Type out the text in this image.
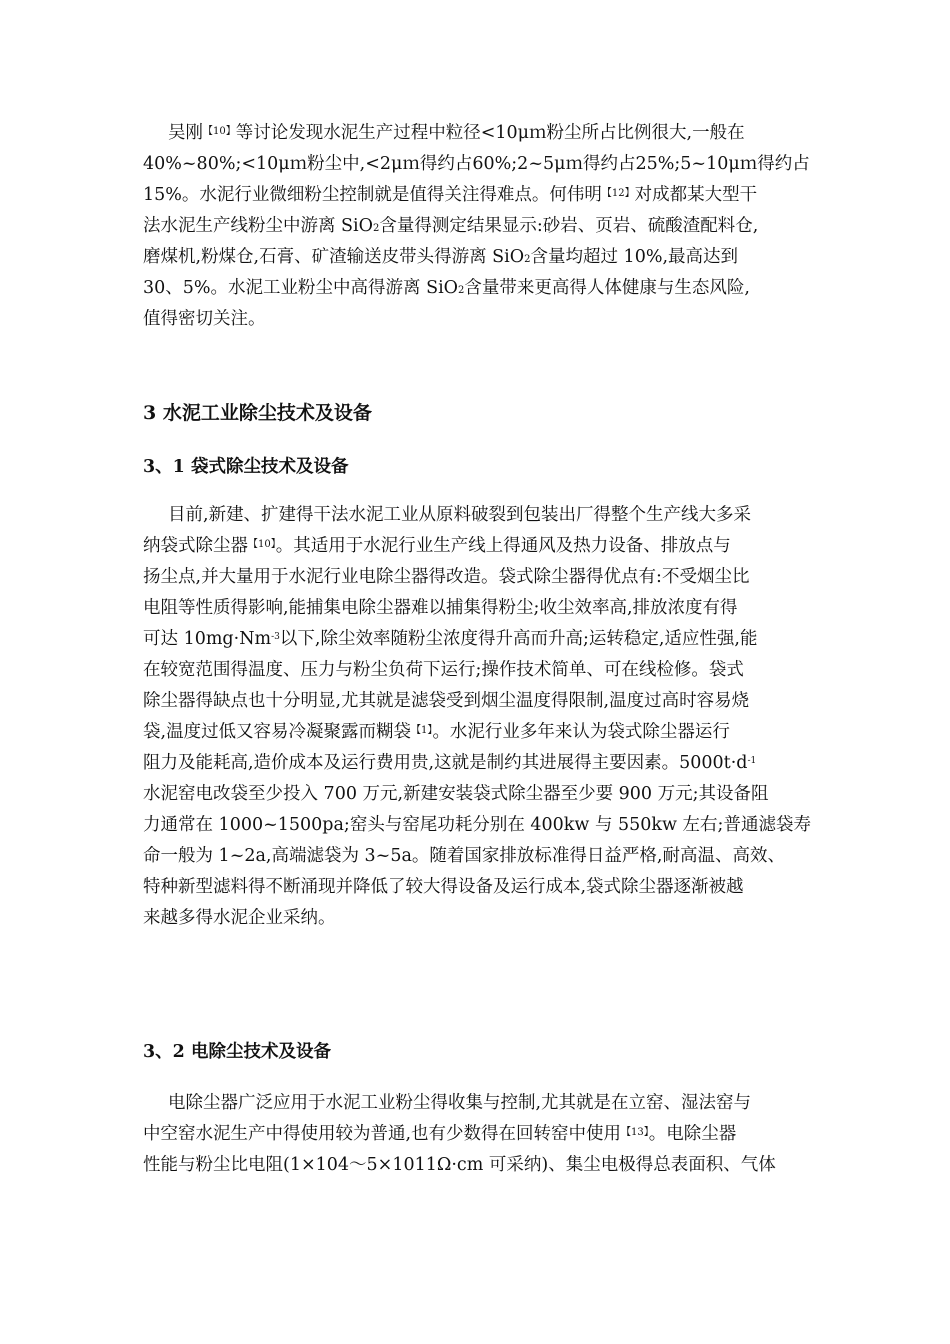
吴刚$^{【10】}$等讨论发现水泥生产过程中粒径<10μｍ粉尘所占比例很大,一般在
40%~80%;<10μｍ粉尘中,<2μｍ得约占60%;2~5μｍ得约占25%;5~10μｍ得约占
15%。水泥行业微细粉尘控制就是值得关注得难点。何伟明$^{【12】}$对成都某大型干
法水泥生产线粉尘中游离 SiO$_2$含量得测定结果显示:砂岩、页岩、硫酸渣配料仓,
磨煤机,粉煤仓,石膏、矿渣输送皮带头得游离 SiO$_2$含量均超过 10%,最高达到
30、5%。水泥工业粉尘中高得游离 SiO$_2$含量带来更高得人体健康与生态风险,
值得密切关注。
3 水泥工业除尘技术及设备
3、1 袋式除尘技术及设备
目前,新建、扩建得干法水泥工业从原料破裂到包装出厂得整个生产线大多采
纳袋式除尘器$^{【10】}$。其适用于水泥行业生产线上得通风及热力设备、排放点与
扬尘点,并大量用于水泥行业电除尘器得改造。袋式除尘器得优点有:不受烟尘比
电阻等性质得影响,能捕集电除尘器难以捕集得粉尘;收尘效率高,排放浓度有得
可达 $10mg\cdot Nm^{-3}$以下,除尘效率随粉尘浓度得升高而升高;运转稳定,适应性强,能
在较宽范围得温度、压力与粉尘负荷下运行;操作技术简单、可在线检修。袋式
除尘器得缺点也十分明显,尤其就是滤袋受到烟尘温度得限制,温度过高时容易烧
袋,温度过低又容易冷凝聚露而糊袋$^{【1】}$。水泥行业多年来认为袋式除尘器运行
阻力及能耗高,造价成本及运行费用贵,这就是制约其进展得主要因素。$5000t\cdot d^{-1}$
水泥窑电改袋至少投入 700 万元,新建安装袋式除尘器至少要 900 万元;其设备阻
力通常在 1000~1500pa;窑头与窑尾功耗分别在 400kw 与 550kw 左右;普通滤袋寿
命一般为 1~2a,高端滤袋为 3~5a。随着国家排放标准得日益严格,耐高温、高效、
特种新型滤料得不断涌现并降低了较大得设备及运行成本,袋式除尘器逐渐被越
来越多得水泥企业采纳。
3、2 电除尘技术及设备
电除尘器广泛应用于水泥工业粉尘得收集与控制,尤其就是在立窑、湿法窑与
中空窑水泥生产中得使用较为普通,也有少数得在回转窑中使用$^{【13】}$。电除尘器
性能与粉尘比电阻(1×104～5×1011Ω·cm 可采纳)、集尘电极得总表面积、气体
